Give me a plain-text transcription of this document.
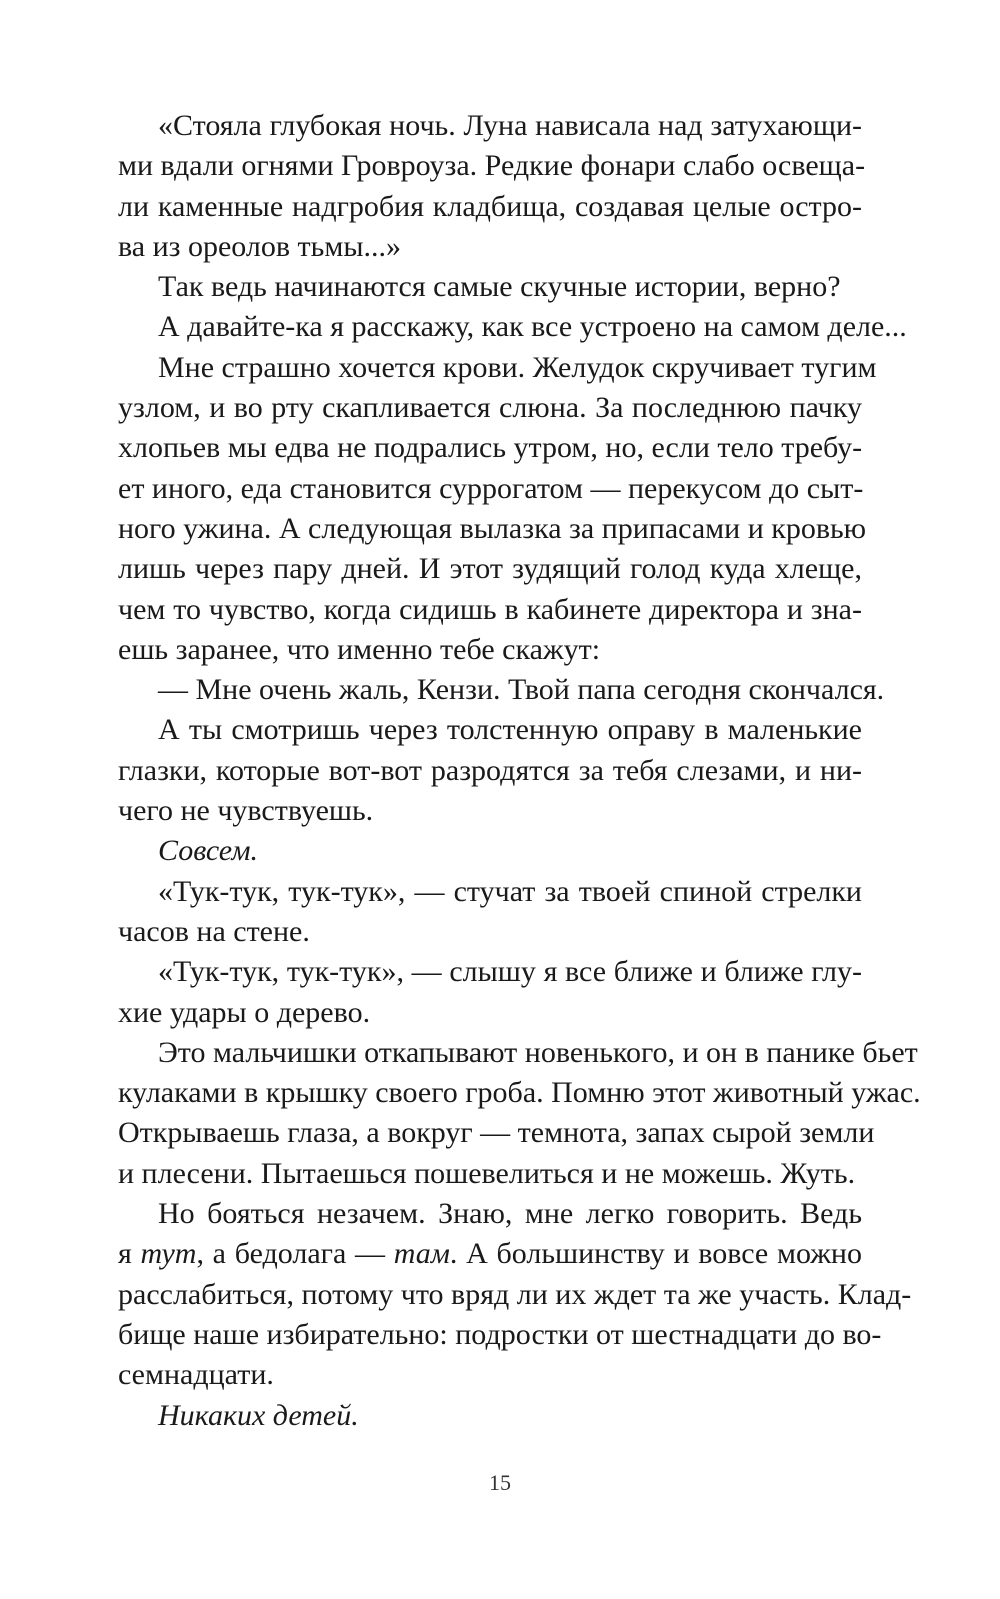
«Стояла глубокая ночь. Луна нависала над затухающи-
ми вдали огнями Гровроуза. Редкие фонари слабо освеща-
ли каменные надгробия кладбища, создавая целые остро-
ва из ореолов тьмы...»
Так ведь начинаются самые скучные истории, верно?
А давайте-ка я расскажу, как все устроено на самом деле...
Мне страшно хочется крови. Желудок скручивает тугим
узлом, и во рту скапливается слюна. За последнюю пачку
хлопьев мы едва не подрались утром, но, если тело требу-
ет иного, еда становится суррогатом — перекусом до сыт-
ного ужина. А следующая вылазка за припасами и кровью
лишь через пару дней. И этот зудящий голод куда хлеще,
чем то чувство, когда сидишь в кабинете директора и зна-
ешь заранее, что именно тебе скажут:
— Мне очень жаль, Кензи. Твой папа сегодня скончался.
А ты смотришь через толстенную оправу в маленькие
глазки, которые вот-вот разродятся за тебя слезами, и ни-
чего не чувствуешь.
Совсем.
«Тук-тук, тук-тук», — стучат за твоей спиной стрелки
часов на стене.
«Тук-тук, тук-тук», — слышу я все ближе и ближе глу-
хие удары о дерево.
Это мальчишки откапывают новенького, и он в панике бьет
кулаками в крышку своего гроба. Помню этот животный ужас.
Открываешь глаза, а вокруг — темнота, запах сырой земли
и плесени. Пытаешься пошевелиться и не можешь. Жуть.
Но бояться незачем. Знаю, мне легко говорить. Ведь
я тут, а бедолага — там. А большинству и вовсе можно
расслабиться, потому что вряд ли их ждет та же участь. Клад-
бище наше избирательно: подростки от шестнадцати до во-
семнадцати.
Никаких детей.
15
